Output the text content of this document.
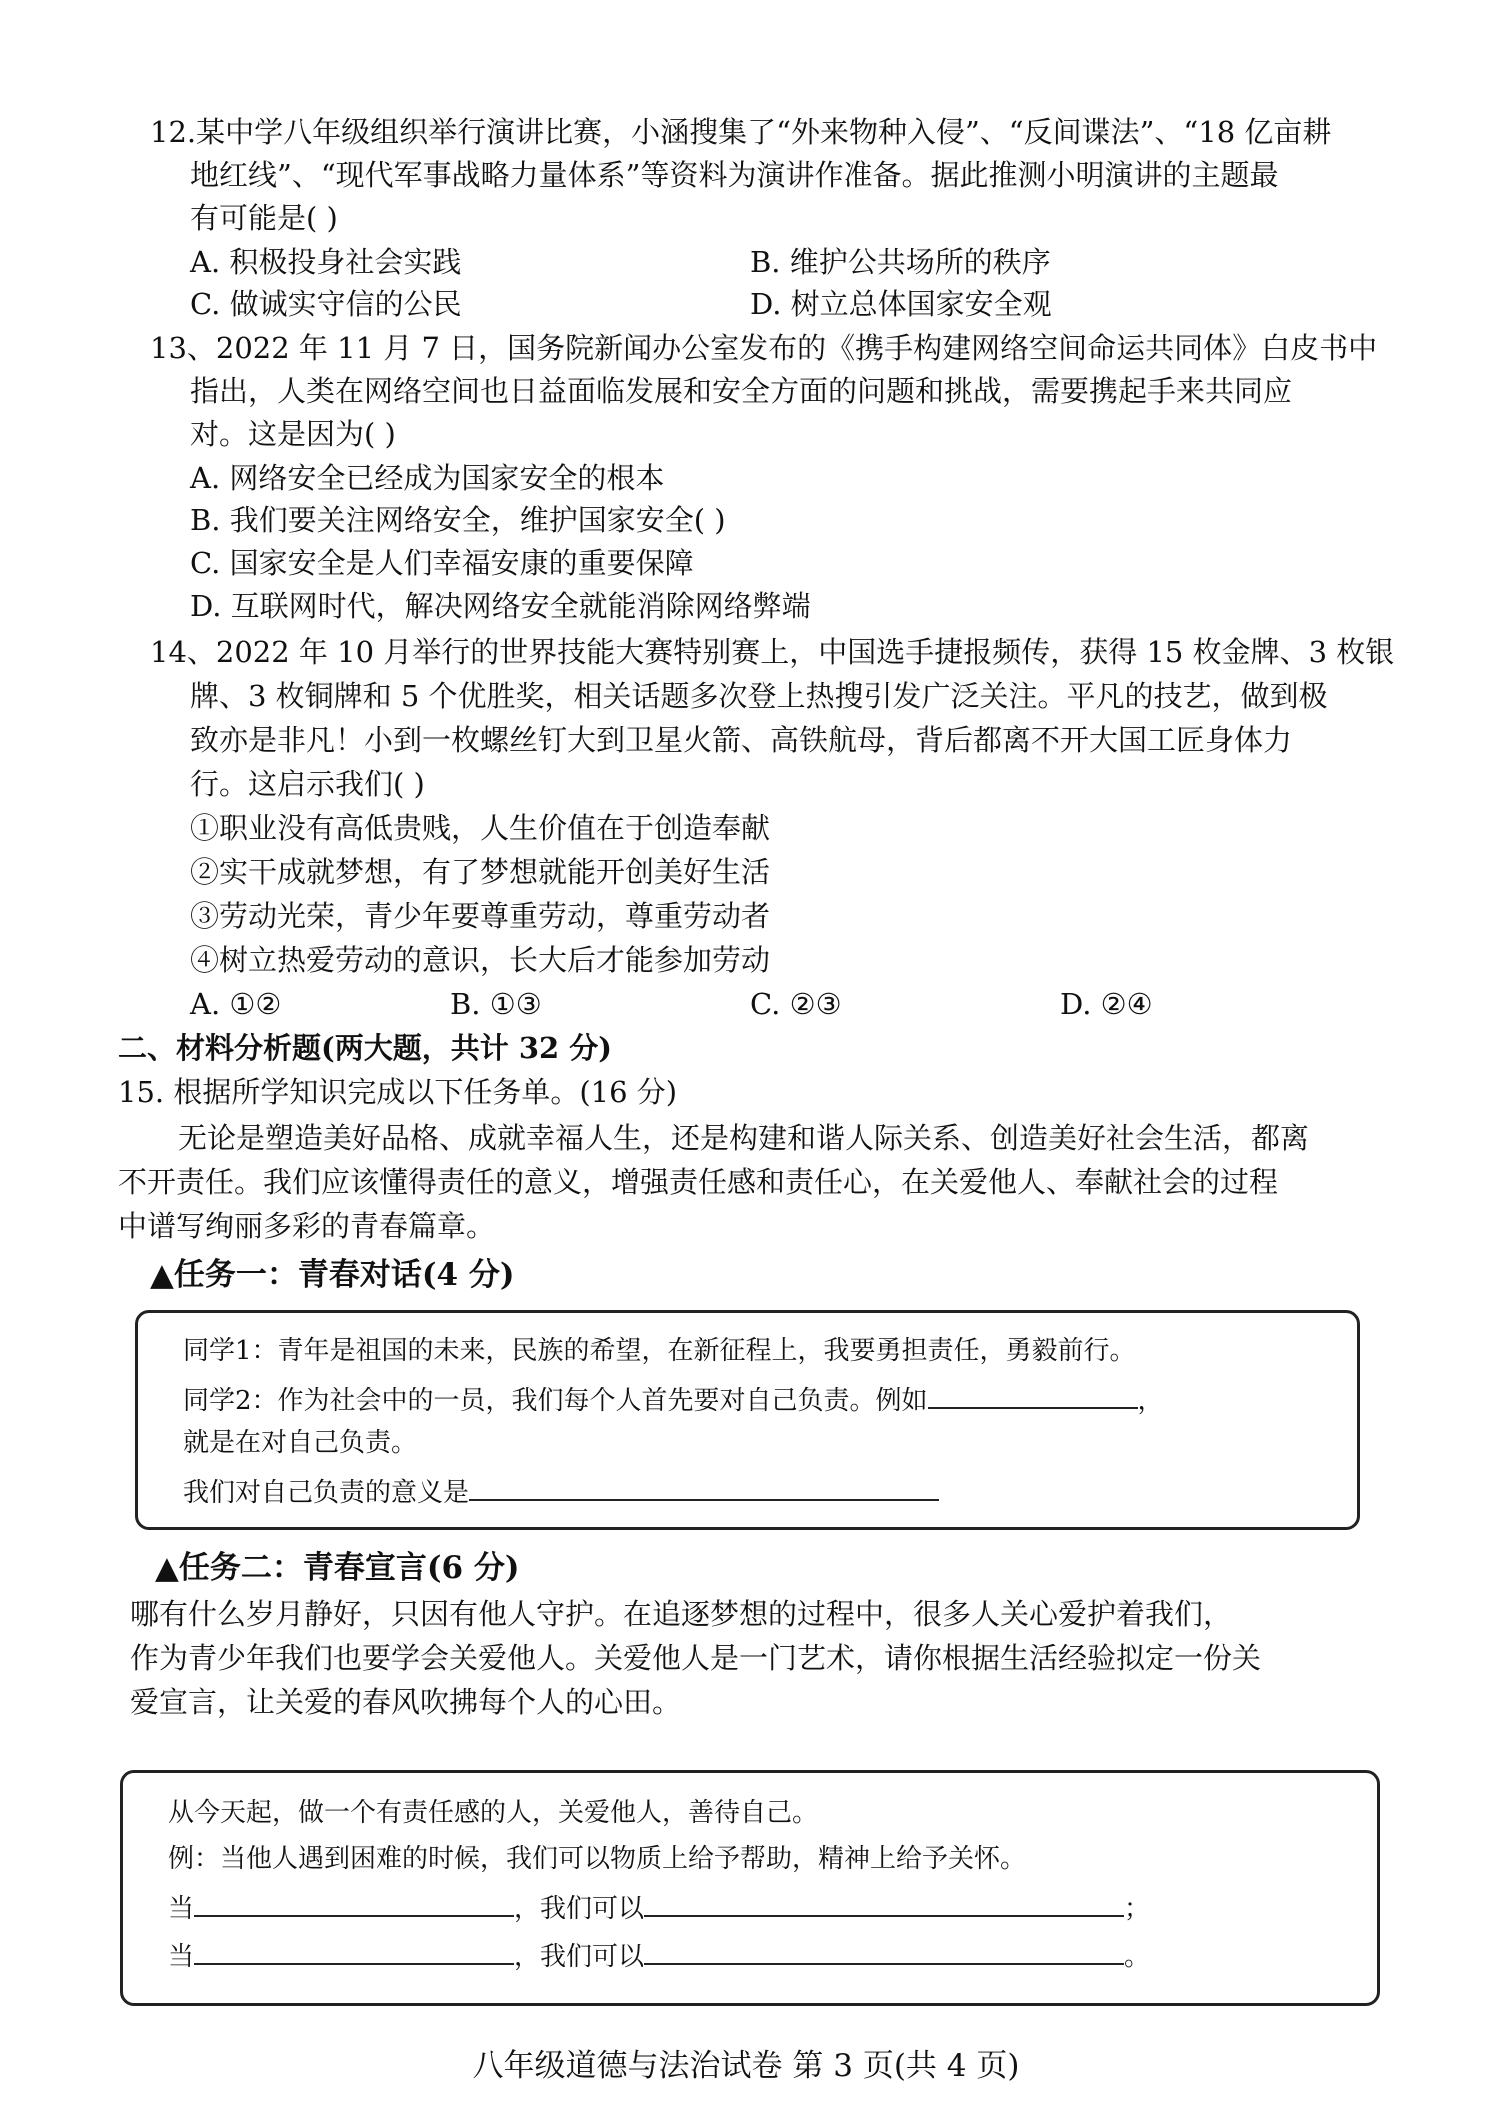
12.某中学八年级组织举行演讲比赛，小涵搜集了“外来物种入侵”、“反间谍法”、“18 亿亩耕
地红线”、“现代军事战略力量体系”等资料为演讲作准备。据此推测小明演讲的主题最
有可能是( )
A. 积极投身社会实践	B. 维护公共场所的秩序
C. 做诚实守信的公民	D. 树立总体国家安全观
13、2022 年 11 月 7 日，国务院新闻办公室发布的《携手构建网络空间命运共同体》白皮书中
指出，人类在网络空间也日益面临发展和安全方面的问题和挑战，需要携起手来共同应
对。这是因为( )
A. 网络安全已经成为国家安全的根本
B. 我们要关注网络安全，维护国家安全( )
C. 国家安全是人们幸福安康的重要保障
D. 互联网时代，解决网络安全就能消除网络弊端
14、2022 年 10 月举行的世界技能大赛特别赛上，中国选手捷报频传，获得 15 枚金牌、3 枚银
牌、3 枚铜牌和 5 个优胜奖，相关话题多次登上热搜引发广泛关注。平凡的技艺，做到极
致亦是非凡！小到一枚螺丝钉大到卫星火箭、高铁航母，背后都离不开大国工匠身体力
行。这启示我们( )
①职业没有高低贵贱，人生价值在于创造奉献
②实干成就梦想，有了梦想就能开创美好生活
③劳动光荣，青少年要尊重劳动，尊重劳动者
④树立热爱劳动的意识，长大后才能参加劳动
A. ①②	B. ①③	C. ②③	D. ②④
二、材料分析题(两大题，共计 32 分)
15. 根据所学知识完成以下任务单。(16 分)
无论是塑造美好品格、成就幸福人生，还是构建和谐人际关系、创造美好社会生活，都离
不开责任。我们应该懂得责任的意义，增强责任感和责任心，在关爱他人、奉献社会的过程
中谱写绚丽多彩的青春篇章。
▲任务一：青春对话(4 分)
同学1：青年是祖国的未来，民族的希望，在新征程上，我要勇担责任，勇毅前行。
同学2：作为社会中的一员，我们每个人首先要对自己负责。例如	，
就是在对自己负责。
我们对自己负责的意义是
▲任务二：青春宣言(6 分)
哪有什么岁月静好，只因有他人守护。在追逐梦想的过程中，很多人关心爱护着我们，
作为青少年我们也要学会关爱他人。关爱他人是一门艺术，请你根据生活经验拟定一份关
爱宣言，让关爱的春风吹拂每个人的心田。
从今天起，做一个有责任感的人，关爱他人，善待自己。
例：当他人遇到困难的时候，我们可以物质上给予帮助，精神上给予关怀。
当	，我们可以	；
当	，我们可以	。
八年级道德与法治试卷 第 3 页(共 4 页)
